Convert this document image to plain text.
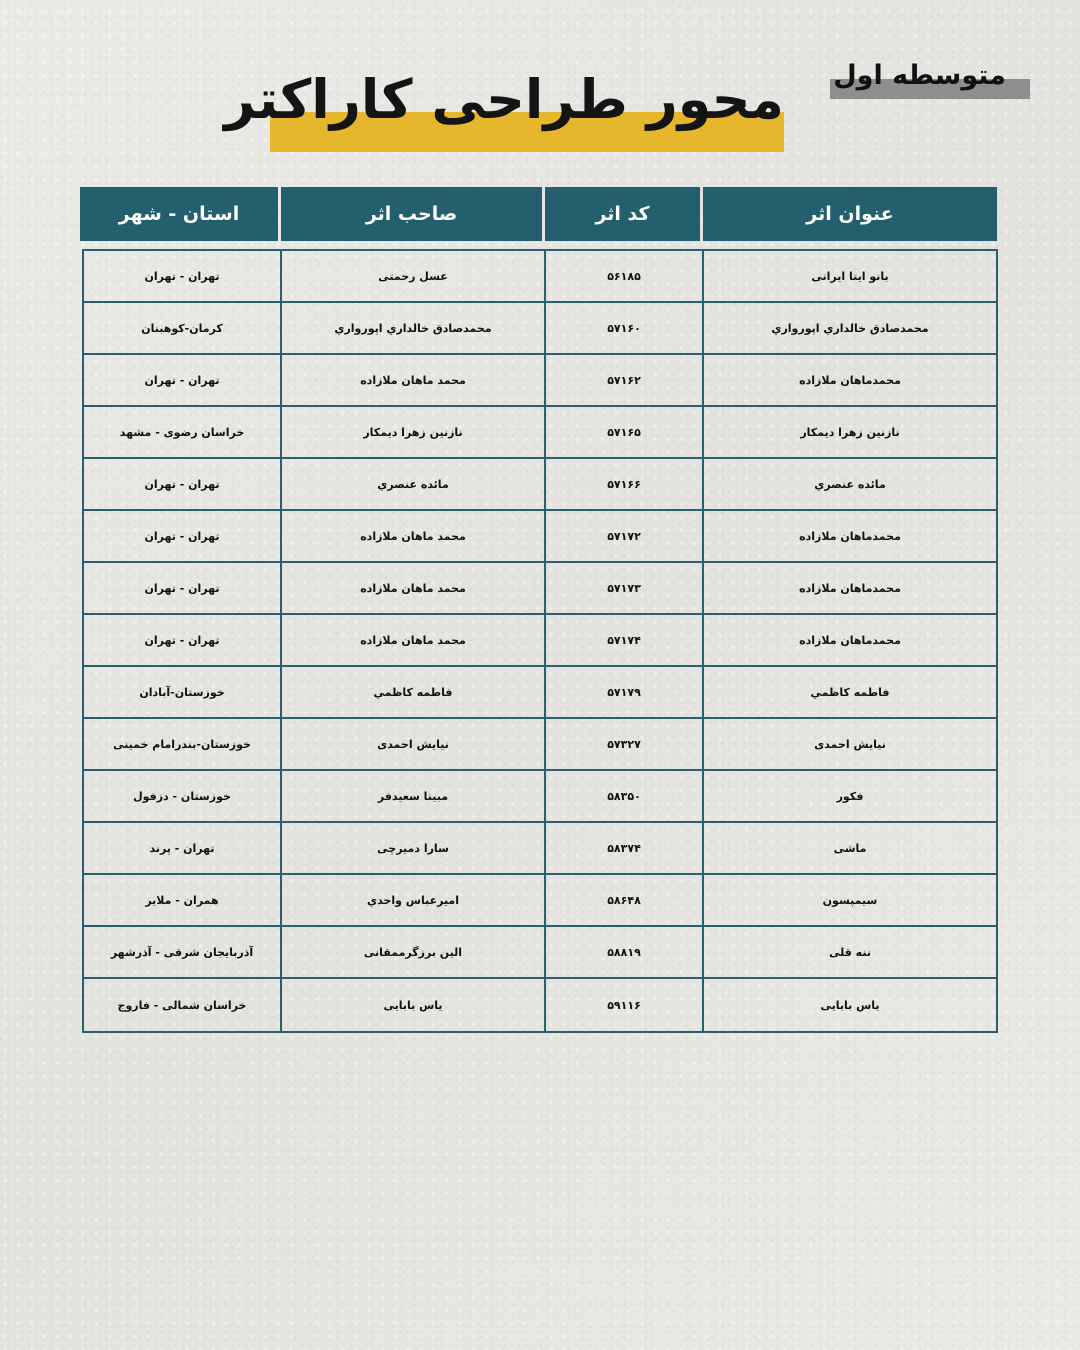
متوسطه اول
محور طراحی کاراکتر
عنوان اثر
کد اثر
صاحب اثر
استان - شهر
بانو ایتا ایرانی
۵۶۱۸۵
عسل رحمتی
تهران - تهران
محمدصادق خالداري اپورواري
۵۷۱۶۰
محمدصادق خالداري اپورواري
کرمان-کوهبنان
محمدماهان ملازاده
۵۷۱۶۲
محمد ماهان ملازاده
تهران - تهران
نازنین زهرا دیمکار
۵۷۱۶۵
نازنین زهرا دیمکار
خراسان رضوی - مشهد
مائده عنصري
۵۷۱۶۶
مائده عنصري
تهران - تهران
محمدماهان ملازاده
۵۷۱۷۲
محمد ماهان ملازاده
تهران - تهران
محمدماهان ملازاده
۵۷۱۷۳
محمد ماهان ملازاده
تهران - تهران
محمدماهان ملازاده
۵۷۱۷۴
محمد ماهان ملازاده
تهران - تهران
فاطمه کاظمي
۵۷۱۷۹
فاطمه کاظمي
خوزستان-آبادان
نیایش احمدی
۵۷۳۲۷
نیایش احمدی
خوزستان-بندرامام خمینی
فکور
۵۸۳۵۰
مبینا سعیدفر
خوزستان - دزفول
ماشی
۵۸۳۷۴
سارا دمیرچی
تهران - پرند
سیمپسون
۵۸۶۴۸
امیرعباس واحدي
همران - ملایر
ننه قلی
۵۸۸۱۹
الین برزگرممقانی
آذربایجان شرقی - آذرشهر
یاس بابایی
۵۹۱۱۶
یاس بابایی
خراسان شمالی - فاروج
